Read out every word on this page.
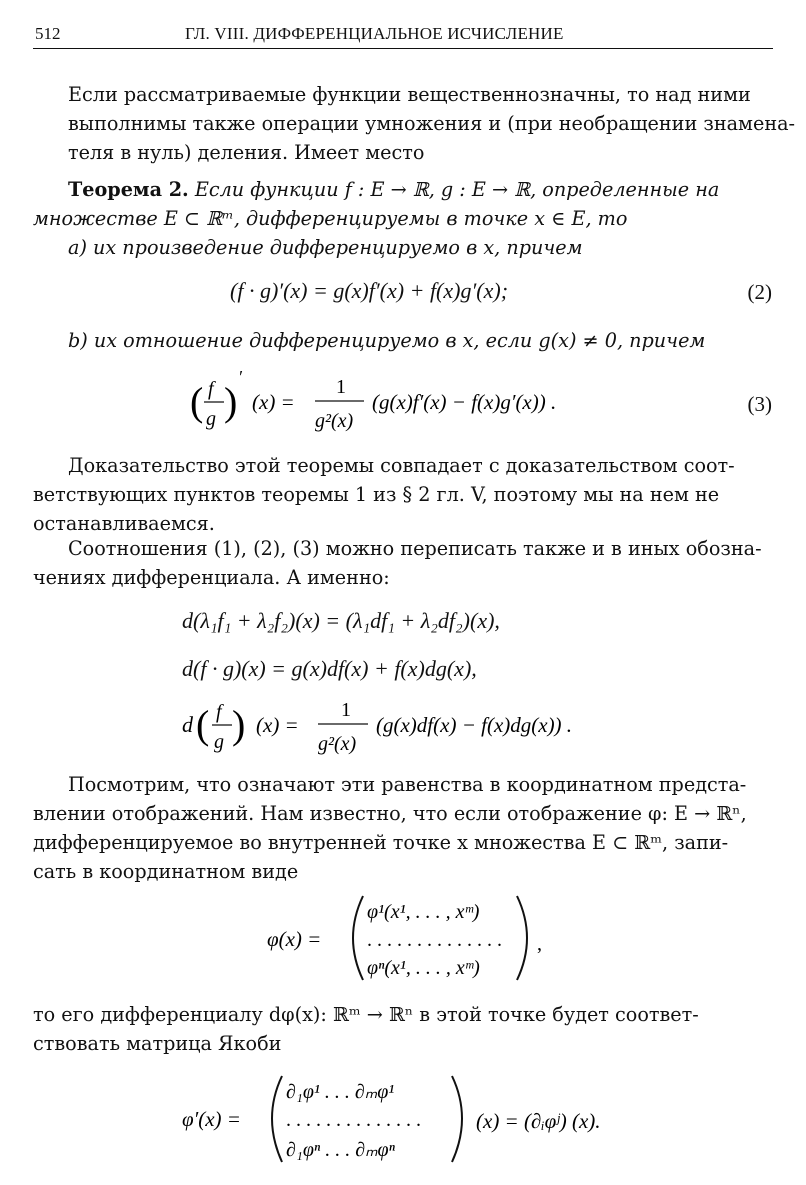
512	ГЛ. VIII. ДИФФЕРЕНЦИАЛЬНОЕ ИСЧИСЛЕНИЕ
Если рассматриваемые функции вещественнозначны, то над ними
выполнимы также операции умножения и (при необращении знамена-
теля в нуль) деления. Имеет место
Теорема 2. Если функции f : E → ℝ, g : E → ℝ, определенные на
множестве E ⊂ ℝᵐ, дифференцируемы в точке x ∈ E, то
a) их произведение дифференцируемо в x, причем
(f · g)′(x) = g(x)f′(x) + f(x)g′(x);	(2)
b) их отношение дифференцируемо в x, если g(x) ≠ 0, причем
( f
g )
′
(x) =
1
g²(x)
(g(x)f′(x) − f(x)g′(x)) .	(3)
Доказательство этой теоремы совпадает с доказательством соот-
ветствующих пунктов теоремы 1 из § 2 гл. V, поэтому мы на нем не
останавливаемся.
Соотношения (1), (2), (3) можно переписать также и в иных обозна-
чениях дифференциала. А именно:
d(λ₁f₁ + λ₂f₂)(x) = (λ₁df₁ + λ₂df₂)(x),
d(f · g)(x) = g(x)df(x) + f(x)dg(x),
d ( f
g ) (x) =
1
g²(x)
(g(x)df(x) − f(x)dg(x)) .
Посмотрим, что означают эти равенства в координатном предста-
влении отображений. Нам известно, что если отображение φ: E → ℝⁿ,
дифференцируемое во внутренней точке x множества E ⊂ ℝᵐ, запи-
сать в координатном виде
φ(x) =
φ¹(x¹, . . . , xᵐ)
. . . . . . . . . . . . . .
φⁿ(x¹, . . . , xᵐ)
,
то его дифференциалу dφ(x): ℝᵐ → ℝⁿ в этой точке будет соответ-
ствовать матрица Якоби
φ′(x) =
∂₁φ¹ . . . ∂ₘφ¹
. . . . . . . . . . . . . .
∂₁φⁿ . . . ∂ₘφⁿ
(x) = (∂ᵢφʲ) (x).
